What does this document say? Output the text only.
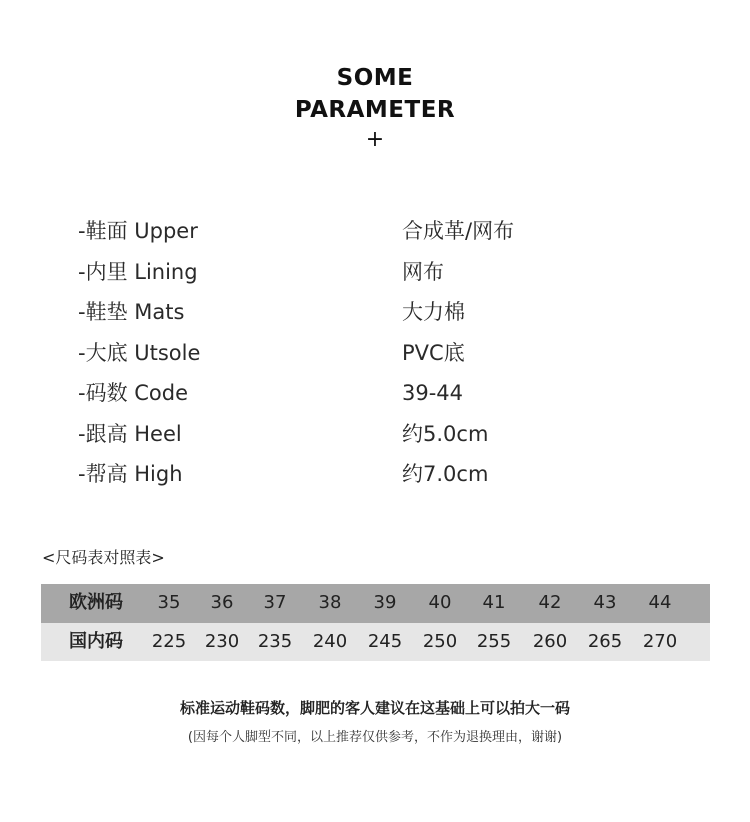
SOME
PARAMETER
+
-鞋面 Upper	合成革/网布
-内里 Lining	网布
-鞋垫 Mats	大力棉
-大底 Utsole	PVC底
-码数 Code	39-44
-跟高 Heel	约5.0cm
-帮高 High	约7.0cm
<尺码表对照表>
欧洲码	35	36	37	38	39	40	41	42	43	44
国内码	225	230	235	240	245	250	255	260	265	270
标准运动鞋码数，脚肥的客人建议在这基础上可以拍大一码
(因每个人脚型不同，以上推荐仅供参考，不作为退换理由，谢谢)
